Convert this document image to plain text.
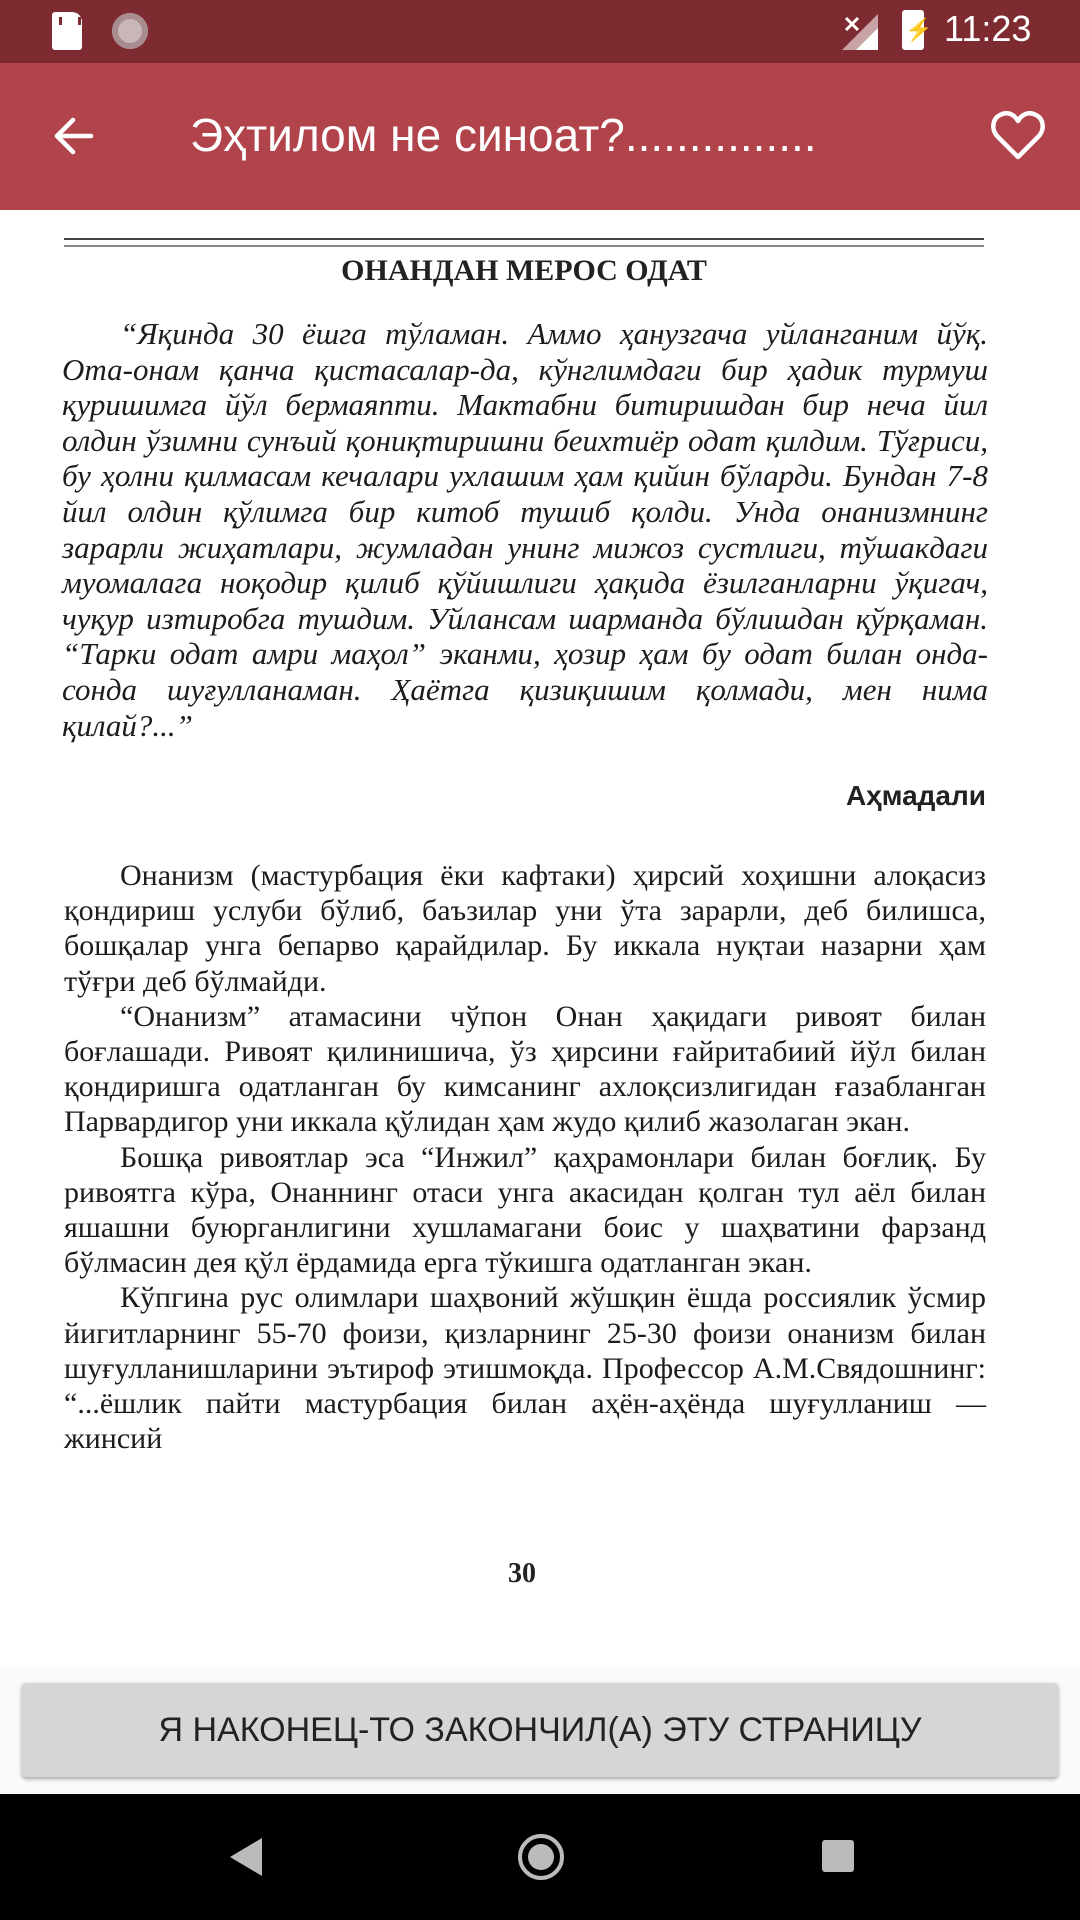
⚡
11:23
Эҳтилом не синоат?...............
ОНАНДАН МЕРОС ОДАТ

“Яқинда 30 ёшга тўламан. Аммо ҳанузгача уйланганим йўқ. Ота-онам қанча қистасалар-да, кўнглимдаги бир ҳадик турмуш қуришимга йўл бермаяпти. Мактабни битиришдан бир неча йил олдин ўзимни сунъий қониқтиришни беихтиёр одат қилдим. Тўғриси, бу ҳолни қилмасам кечалари ухлашим ҳам қийин бўларди. Бундан 7-8 йил олдин қўлимга бир китоб тушиб қолди. Унда онанизмнинг зарарли жиҳатлари, жумладан унинг мижоз сустлиги, тўшакдаги муомалага ноқодир қилиб қўйишлиги ҳақида ёзилганларни ўқигач, чуқур изтиробга тушдим. Уйлансам шарманда бўлишдан қўрқаман. “Тарки одат амри маҳол” эканми, ҳозир ҳам бу одат билан онда-сонда шуғулланаман. Ҳаётга қизиқишим қолмади, мен нима қилай?...”

Аҳмадали

Онанизм (мастурбация ёки кафтаки) ҳирсий хоҳишни алоқасиз қондириш услуби бўлиб, баъзилар уни ўта зарарли, деб билишса, бошқалар унга бепарво қарайдилар. Бу иккала нуқтаи назарни ҳам тўғри деб бўлмайди.

“Онанизм” атамасини чўпон Онан ҳақидаги ривоят билан боғлашади. Ривоят қилинишича, ўз ҳирсини ғайритабиий йўл билан қондиришга одатланган бу кимсанинг ахлоқсизлигидан ғазабланган Парвардигор уни иккала қўлидан ҳам жудо қилиб жазолаган экан.

Бошқа ривоятлар эса “Инжил” қаҳрамонлари билан боғлиқ. Бу ривоятга кўра, Онаннинг отаси унга акасидан қолган тул аёл билан яшашни буюрганлигини хушламагани боис у шаҳватини фарзанд бўлмасин дея қўл ёрдамида ерга тўкишга одатланган экан.

Кўпгина рус олимлари шаҳвоний жўшқин ёшда россиялик ўсмир йигитларнинг 55-70 фоизи, қизларнинг 25-30 фоизи онанизм билан шуғулланишларини эътироф этишмоқда. Профессор А.М.Свядошнинг: “...ёшлик пайти мастурбация билан аҳён-аҳёнда шуғулланиш — жинсий

30
Я НАКОНЕЦ-ТО ЗАКОНЧИЛ(А) ЭТУ СТРАНИЦУ
